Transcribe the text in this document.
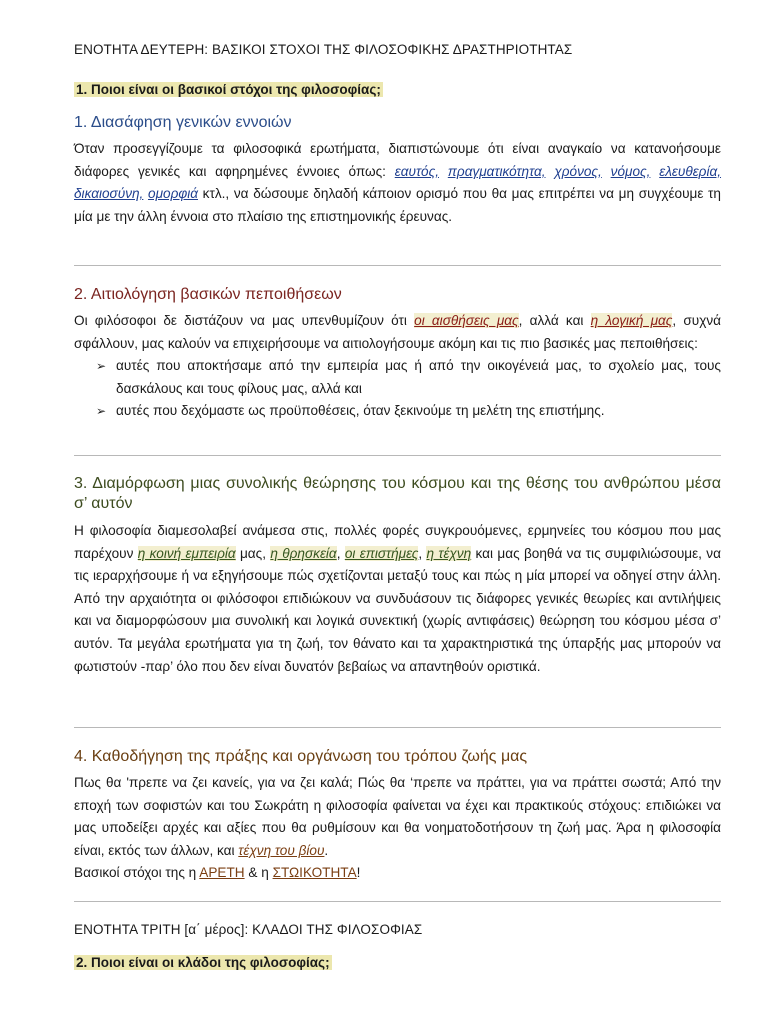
ΕΝΟΤΗΤΑ ΔΕΥΤΕΡΗ: ΒΑΣΙΚΟΙ ΣΤΟΧΟΙ ΤΗΣ ΦΙΛΟΣΟΦΙΚΗΣ ΔΡΑΣΤΗΡΙΟΤΗΤΑΣ
1. Ποιοι είναι οι βασικοί στόχοι της φιλοσοφίας;
1. Διασάφηση γενικών εννοιών

Όταν προσεγγίζουμε τα φιλοσοφικά ερωτήματα, διαπιστώνουμε ότι είναι αναγκαίο να κατανοήσουμε διάφορες γενικές και αφηρημένες έννοιες όπως: εαυτός, πραγματικότητα, χρόνος, νόμος, ελευθερία, δικαιοσύνη, ομορφιά κτλ., να δώσουμε δηλαδή κάποιον ορισμό που θα μας επιτρέπει να μη συγχέουμε τη μία με την άλλη έννοια στο πλαίσιο της επιστημονικής έρευνας.

2. Αιτιολόγηση βασικών πεποιθήσεων

Οι φιλόσοφοι δε διστάζουν να μας υπενθυμίζουν ότι οι αισθήσεις μας, αλλά και η λογική μας, συχνά σφάλλουν, μας καλούν να επιχειρήσουμε να αιτιολογήσουμε ακόμη και τις πιο βασικές μας πεποιθήσεις:

➢ αυτές που αποκτήσαμε από την εμπειρία μας ή από την οικογένειά μας, το σχολείο μας, τους δασκάλους και τους φίλους μας, αλλά και
➢ αυτές που δεχόμαστε ως προϋποθέσεις, όταν ξεκινούμε τη μελέτη της επιστήμης.
3. Διαμόρφωση μιας συνολικής θεώρησης του κόσμου και της θέσης του ανθρώπου μέσα σ’ αυτόν

Η φιλοσοφία διαμεσολαβεί ανάμεσα στις, πολλές φορές συγκρουόμενες, ερμηνείες του κόσμου που μας παρέχουν η κοινή εμπειρία μας, η θρησκεία, οι επιστήμες, η τέχνη και μας βοηθά να τις συμφιλιώσουμε, να τις ιεραρχήσουμε ή να εξηγήσουμε πώς σχετίζονται μεταξύ τους και πώς η μία μπορεί να οδηγεί στην άλλη. Από την αρχαιότητα οι φιλόσοφοι επιδιώκουν να συνδυάσουν τις διάφορες γενικές θεωρίες και αντιλήψεις και να διαμορφώσουν μια συνολική και λογικά συνεκτική (χωρίς αντιφάσεις) θεώρηση του κόσμου μέσα σ’ αυτόν. Τα μεγάλα ερωτήματα για τη ζωή, τον θάνατο και τα χαρακτηριστικά της ύπαρξής μας μπορούν να φωτιστούν -παρ’ όλο που δεν είναι δυνατόν βεβαίως να απαντηθούν οριστικά.

4. Καθοδήγηση της πράξης και οργάνωση του τρόπου ζωής μας

Πως θα 'πρεπε να ζει κανείς, για να ζει καλά; Πώς θα ‘πρεπε να πράττει, για να πράττει σωστά; Από την εποχή των σοφιστών και του Σωκράτη η φιλοσοφία φαίνεται να έχει και πρακτικούς στόχους: επιδιώκει να μας υποδείξει αρχές και αξίες που θα ρυθμίσουν και θα νοηματοδοτήσουν τη ζωή μας. Άρα η φιλοσοφία είναι, εκτός των άλλων, και τέχνη του βίου.

Βασικοί στόχοι της η ΑΡΕΤΗ & η ΣΤΩΙΚΟΤΗΤΑ!

ΕΝΟΤΗΤΑ ΤΡΙΤΗ [α΄ μέρος]: ΚΛΑΔΟΙ ΤΗΣ ΦΙΛΟΣΟΦΙΑΣ
2. Ποιοι είναι οι κλάδοι της φιλοσοφίας;
